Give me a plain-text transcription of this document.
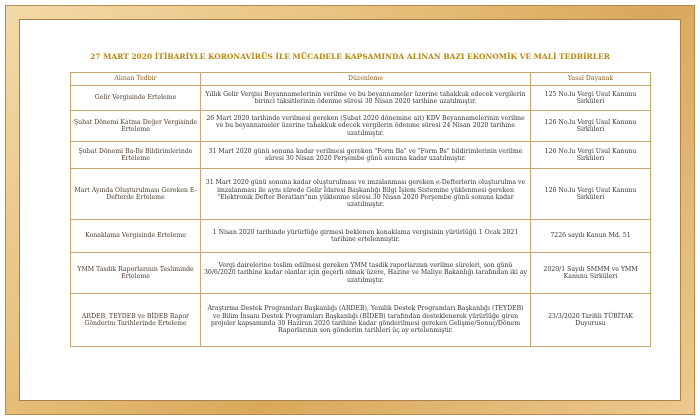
27 MART 2020 İTİBARİYLE KORONAVİRÜS İLE MÜCADELE KAPSAMINDA ALINAN BAZI EKONOMİK VE MALİ TEDBİRLER
Alınan Tedbir	Düzenleme	Yasal Dayanak
Gelir Vergisinde Erteleme	Yıllık Gelir Vergisi Beyannamelerinin verilme ve bu beyannameler üzerine tahakkuk edecek vergilerin birinci taksitlerinin ödenme süresi 30 Nisan 2020 tarihine uzatılmıştır.	125 No.lu Vergi Usul Kanunu Sirküleri
Şubat Dönemi Katma Değer Vergisinde Erteleme	26 Mart 2020 tarihinde verilmesi gereken (Şubat 2020 dönemine ait) KDV Beyannamelerinin verilme ve bu beyannameler üzerine tahakkuk edecek vergilerin ödenme süresi 24 Nisan 2020 tarihine uzatılmıştır.	126 No.lu Vergi Usul Kanunu Sirküleri
Şubat Dönemi Ba-Bs Bildirimlerinde Erteleme	31 Mart 2020 günü sonuna kadar verilmesi gereken "Form Ba" ve "Form Bs" bildirimlerinin verilme süresi 30 Nisan 2020 Perşembe günü sonuna kadar uzatılmıştır.	126 No.lu Vergi Usul Kanunu Sirküleri
Mart Ayında Oluşturulması Gereken E-Defterde Erteleme	31 Mart 2020 günü sonuna kadar oluşturulması ve imzalanması gereken e-Defterlerin oluşturulma ve imzalanması ile aynı sürede Gelir İdaresi Başkanlığı Bilgi İşlem Sistemine yüklenmesi gereken "Elektronik Defter Beratları"nın yüklenme süresi 30 Nisan 2020 Perşembe günü sonuna kadar uzatılmıştır.	126 No.lu Vergi Usul Kanunu Sirküleri
Konaklama Vergisinde Erteleme	1 Nisan 2020 tarihinde yürürlüğe girmesi beklenen konaklama vergisinin yürürlüğü 1 Ocak 2021 tarihine ertelenmiştir.	7226 sayılı Kanun Md. 51
YMM Tasdik Raporlarının Tesliminde Erteleme	Vergi dairelerine teslim edilmesi gereken YMM tasdik raporlarının verilme süreleri, son günü 30/6/2020 tarihine kadar olanlar için geçerli olmak üzere, Hazine ve Maliye Bakanlığı tarafından iki ay uzatılmıştır.	2020/1 Sayılı SMMM ve YMM Kanunu Sirküleri
ARDEB, TEYDEB ve BİDEB Rapor Gönderim Tarihlerinde Erteleme	Araştırma Destek Programları Başkanlığı (ARDEB), Yenilik Destek Programları Başkanlığı (TEYDEB) ve Bilim İnsanı Destek Programları Başkanlığı (BİDEB) tarafından desteklenerek yürürlüğe giren projeler kapsamında 30 Haziran 2020 tarihine kadar gönderilmesi gereken Gelişme/Sonuç/Dönem Raporlarının son gönderim tarihleri üç ay ertelenmiştir.	23/3/2020 Tarihli TÜBİTAK Duyurusu
